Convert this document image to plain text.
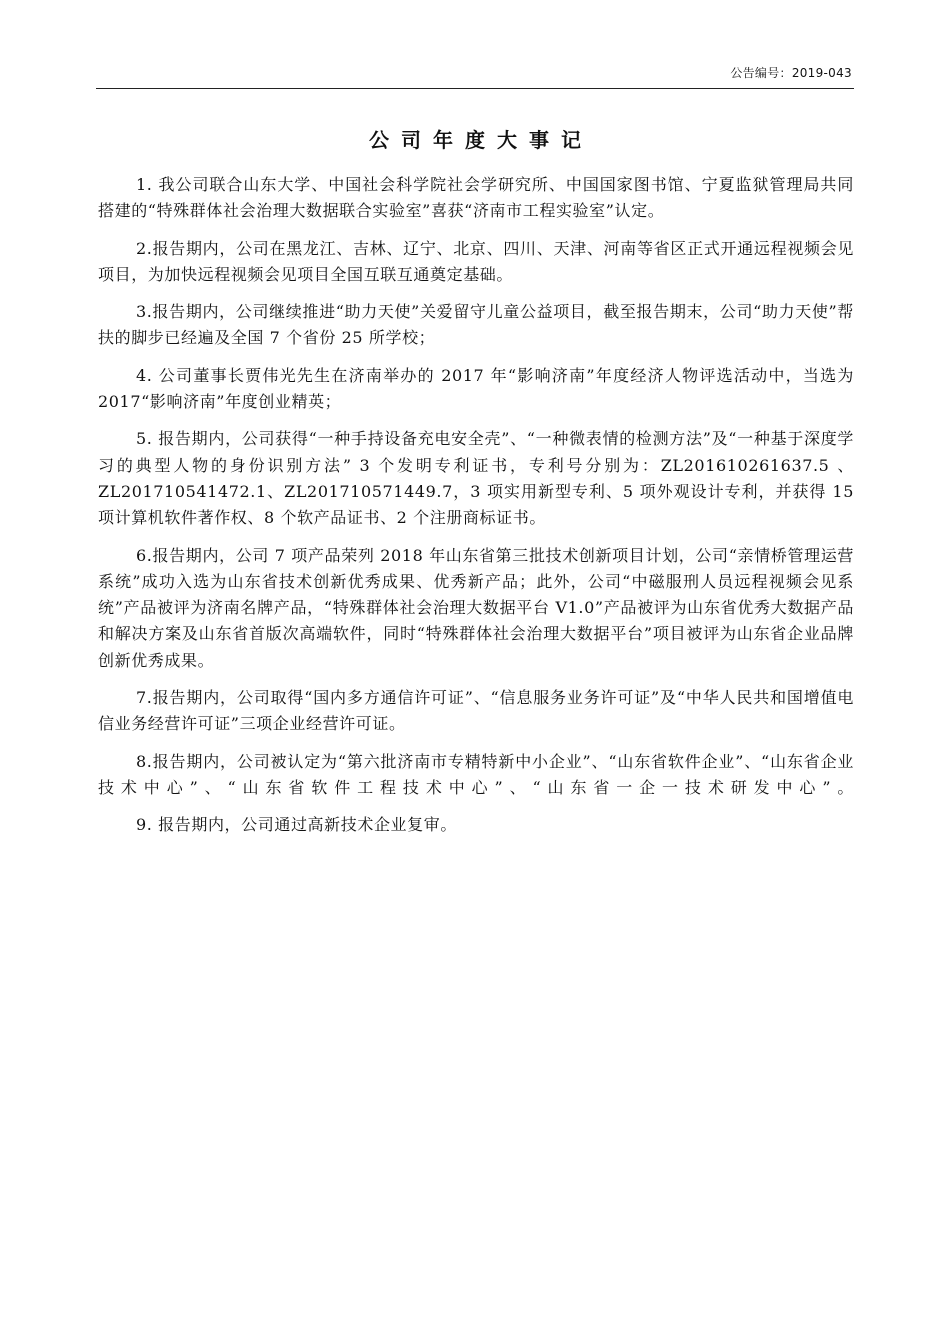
公告编号：2019-043
公司年度大事记

1. 我公司联合山东大学、中国社会科学院社会学研究所、中国国家图书馆、宁夏监狱管理局共同搭建的“特殊群体社会治理大数据联合实验室”喜获“济南市工程实验室”认定。

2.报告期内，公司在黑龙江、吉林、辽宁、北京、四川、天津、河南等省区正式开通远程视频会见项目，为加快远程视频会见项目全国互联互通奠定基础。

3.报告期内，公司继续推进“助力天使”关爱留守儿童公益项目，截至报告期末，公司“助力天使”帮扶的脚步已经遍及全国 7 个省份 25 所学校；

4. 公司董事长贾伟光先生在济南举办的 2017 年“影响济南”年度经济人物评选活动中，当选为 2017“影响济南”年度创业精英；

5. 报告期内，公司获得“一种手持设备充电安全壳”、“一种微表情的检测方法”及“一种基于深度学习的典型人物的身份识别方法” 3 个发明专利证书，专利号分别为：ZL201610261637.5 、ZL201710541472.1、ZL201710571449.7，3 项实用新型专利、5 项外观设计专利，并获得 15 项计算机软件著作权、8 个软产品证书、2 个注册商标证书。

6.报告期内，公司 7 项产品荣列 2018 年山东省第三批技术创新项目计划，公司“亲情桥管理运营系统”成功入选为山东省技术创新优秀成果、优秀新产品；此外，公司“中磁服刑人员远程视频会见系统”产品被评为济南名牌产品，“特殊群体社会治理大数据平台 V1.0”产品被评为山东省优秀大数据产品和解决方案及山东省首版次高端软件，同时“特殊群体社会治理大数据平台”项目被评为山东省企业品牌创新优秀成果。

7.报告期内，公司取得“国内多方通信许可证”、“信息服务业务许可证”及“中华人民共和国增值电信业务经营许可证”三项企业经营许可证。

8.报告期内，公司被认定为“第六批济南市专精特新中小企业”、“山东省软件企业”、“山东省企业技术中心”、“山东省软件工程技术中心”、“山东省一企一技术研发中心”。

9. 报告期内，公司通过高新技术企业复审。
